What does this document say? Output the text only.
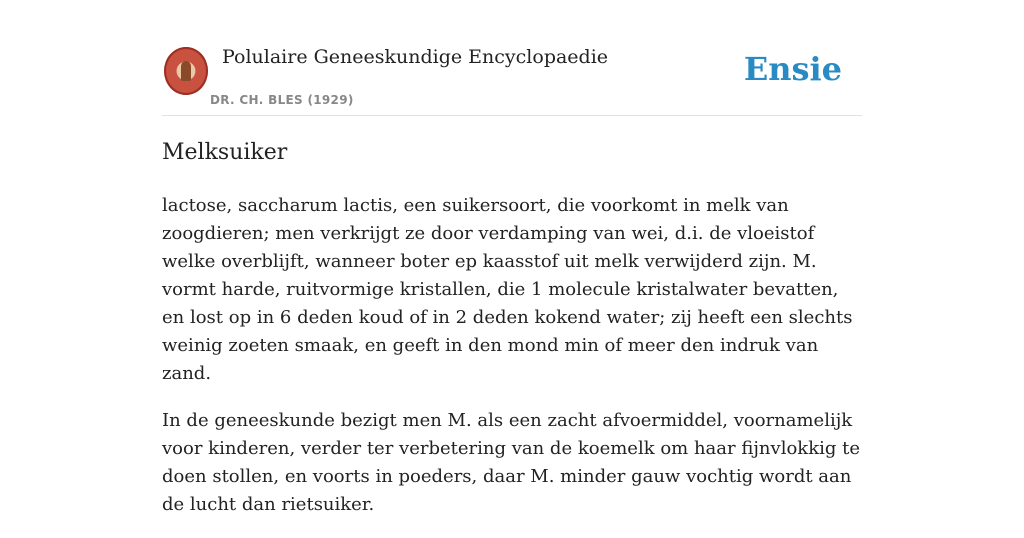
Polulaire Geneeskundige Encyclopaedie
DR. CH. BLES (1929)
Ensie
Melksuiker

lactose, saccharum lactis, een suikersoort, die voorkomt in melk van zoogdieren; men verkrijgt ze door verdamping van wei, d.i. de vloeistof welke overblijft, wanneer boter ep kaasstof uit melk verwijderd zijn. M. vormt harde, ruitvormige kristallen, die 1 molecule kristalwater bevatten, en lost op in 6 deden koud of in 2 deden kokend water; zij heeft een slechts weinig zoeten smaak, en geeft in den mond min of meer den indruk van zand.

In de geneeskunde bezigt men M. als een zacht afvoermiddel, voornamelijk voor kinderen, verder ter verbetering van de koemelk om haar fijnvlokkig te doen stollen, en voorts in poeders, daar M. minder gauw vochtig wordt aan de lucht dan rietsuiker.
